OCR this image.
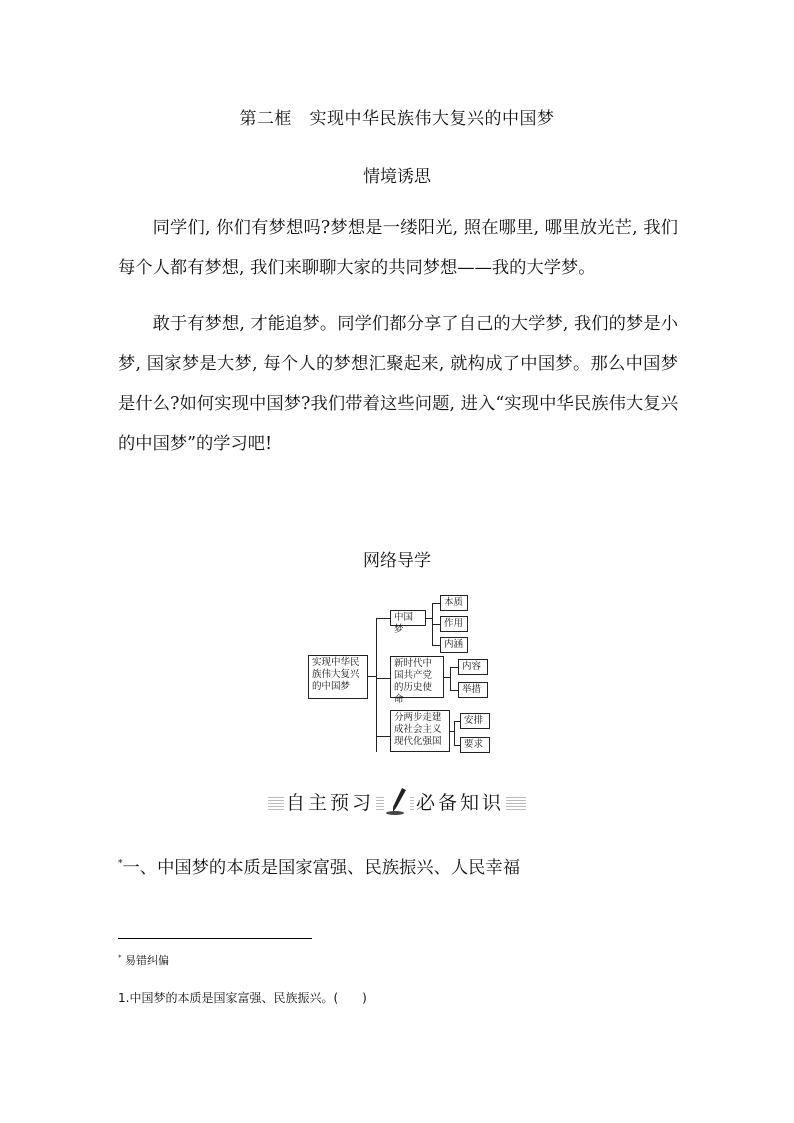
第二框　实现中华民族伟大复兴的中国梦
情境诱思
同学们, 你们有梦想吗?梦想是一缕阳光, 照在哪里, 哪里放光芒, 我们每个人都有梦想, 我们来聊聊大家的共同梦想——我的大学梦。
敢于有梦想, 才能追梦。同学们都分享了自己的大学梦, 我们的梦是小梦, 国家梦是大梦, 每个人的梦想汇聚起来, 就构成了中国梦。那么中国梦是什么?如何实现中国梦?我们带着这些问题, 进入“实现中华民族伟大复兴的中国梦”的学习吧!
网络导学
实现中华民族伟大复兴的中国梦
中国梦
本质
作用
内涵
新时代中国共产党的历史使命
内容
举措
分两步走建成社会主义现代化强国
安排
要求
自主预习 必备知识
*一、中国梦的本质是国家富强、民族振兴、人民幸福
* 易错纠偏
1.中国梦的本质是国家富强、民族振兴。(　　)
